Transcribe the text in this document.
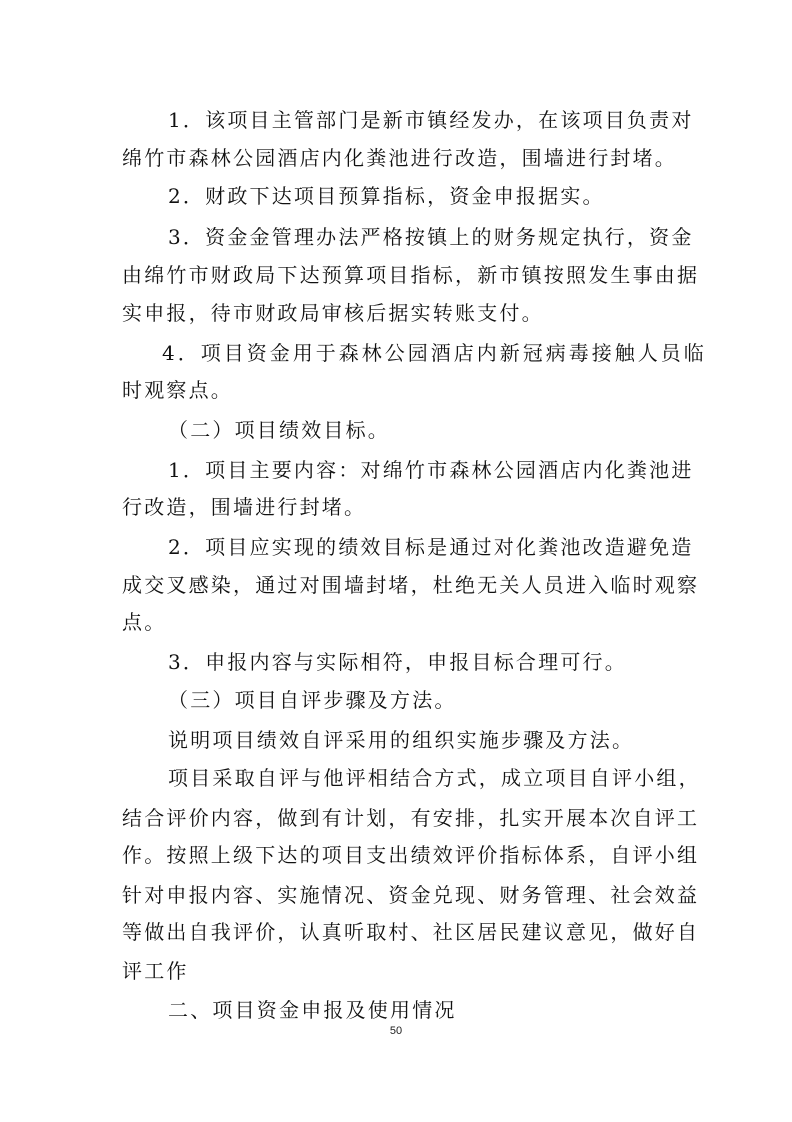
1．该项目主管部门是新市镇经发办，在该项目负责对
绵竹市森林公园酒店内化粪池进行改造，围墙进行封堵。
2．财政下达项目预算指标，资金申报据实。
3．资金金管理办法严格按镇上的财务规定执行，资金
由绵竹市财政局下达预算项目指标，新市镇按照发生事由据
实申报，待市财政局审核后据实转账支付。
4．项目资金用于森林公园酒店内新冠病毒接触人员临
时观察点。
（二）项目绩效目标。
1．项目主要内容：对绵竹市森林公园酒店内化粪池进
行改造，围墙进行封堵。
2．项目应实现的绩效目标是通过对化粪池改造避免造
成交叉感染，通过对围墙封堵，杜绝无关人员进入临时观察
点。
3．申报内容与实际相符，申报目标合理可行。
（三）项目自评步骤及方法。
说明项目绩效自评采用的组织实施步骤及方法。
项目采取自评与他评相结合方式，成立项目自评小组，
结合评价内容，做到有计划，有安排，扎实开展本次自评工
作。按照上级下达的项目支出绩效评价指标体系，自评小组
针对申报内容、实施情况、资金兑现、财务管理、社会效益
等做出自我评价，认真听取村、社区居民建议意见，做好自
评工作
二、项目资金申报及使用情况
50
